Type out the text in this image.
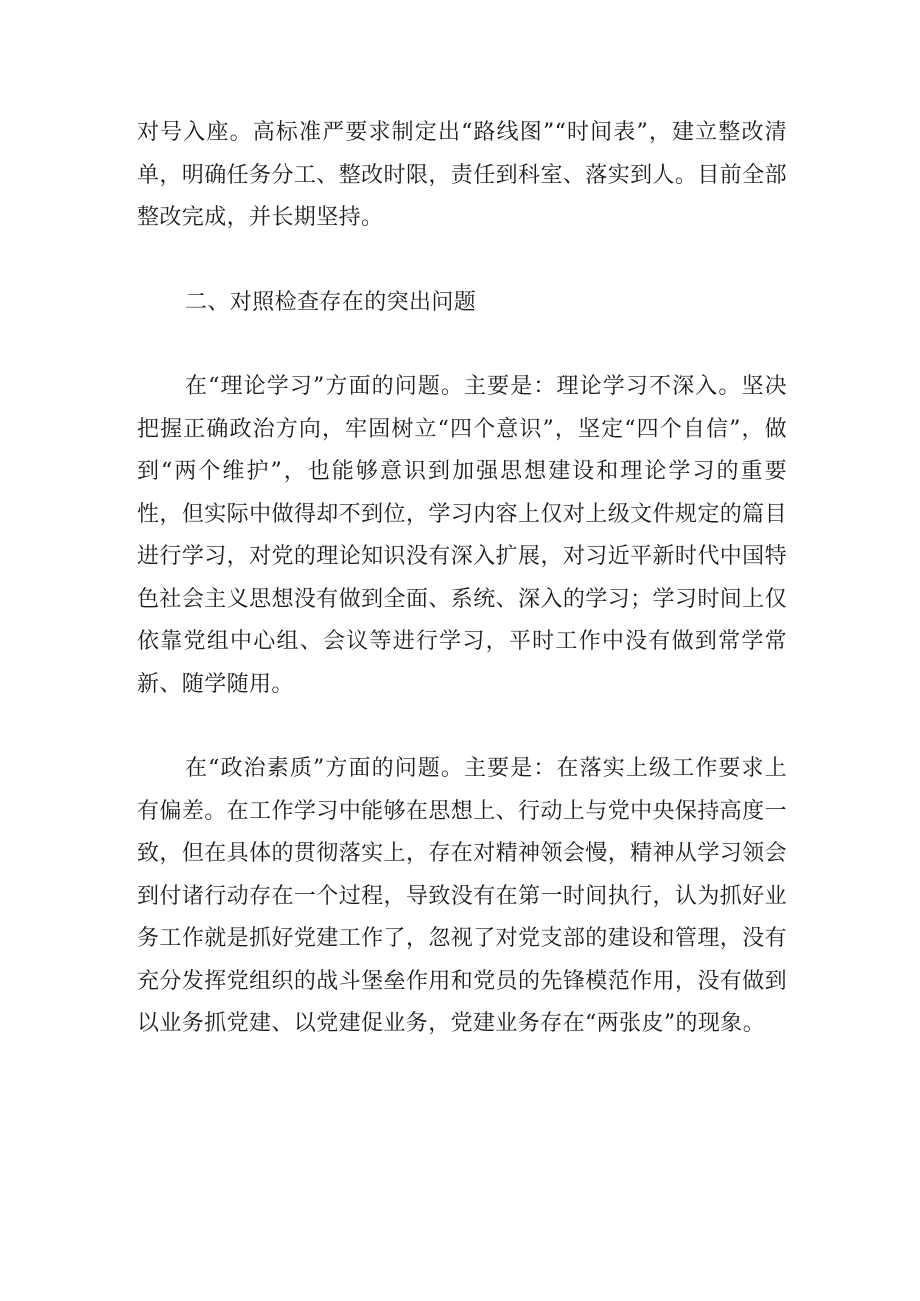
对号入座。高标准严要求制定出“路线图”“时间表”，建立整改清单，明确任务分工、整改时限，责任到科室、落实到人。目前全部整改完成，并长期坚持。

二、对照检查存在的突出问题

在“理论学习”方面的问题。主要是：理论学习不深入。坚决把握正确政治方向，牢固树立“四个意识”，坚定“四个自信”，做到“两个维护”，也能够意识到加强思想建设和理论学习的重要性，但实际中做得却不到位，学习内容上仅对上级文件规定的篇目进行学习，对党的理论知识没有深入扩展，对习近平新时代中国特色社会主义思想没有做到全面、系统、深入的学习；学习时间上仅依靠党组中心组、会议等进行学习，平时工作中没有做到常学常新、随学随用。

在“政治素质”方面的问题。主要是：在落实上级工作要求上有偏差。在工作学习中能够在思想上、行动上与党中央保持高度一致，但在具体的贯彻落实上，存在对精神领会慢，精神从学习领会到付诸行动存在一个过程，导致没有在第一时间执行，认为抓好业务工作就是抓好党建工作了，忽视了对党支部的建设和管理，没有充分发挥党组织的战斗堡垒作用和党员的先锋模范作用，没有做到以业务抓党建、以党建促业务，党建业务存在“两张皮”的现象。
